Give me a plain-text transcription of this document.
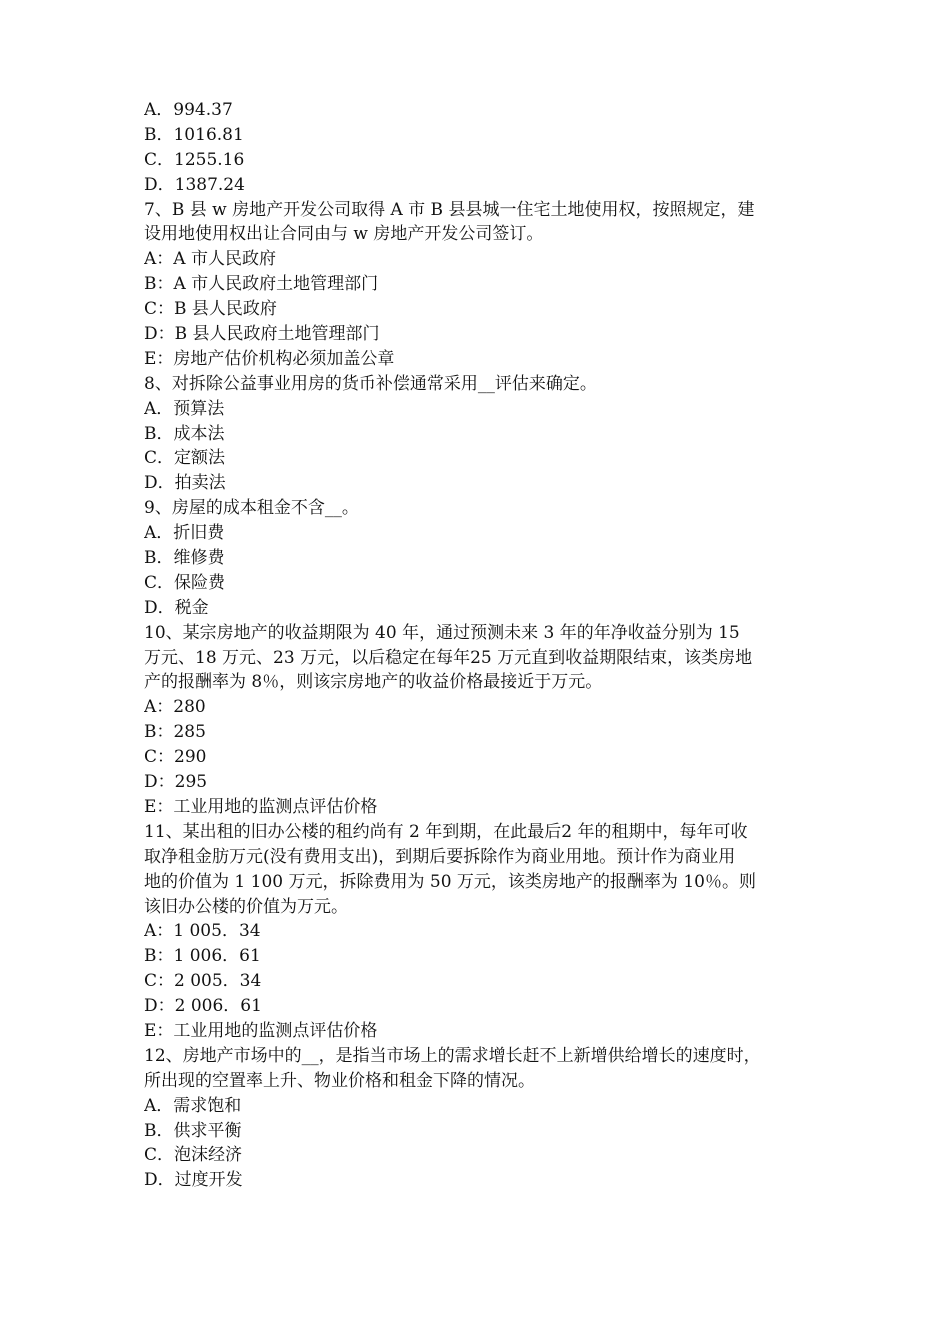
A．994.37
B．1016.81
C．1255.16
D．1387.24
7、B 县 w 房地产开发公司取得 A 市 B 县县城一住宅土地使用权，按照规定，建
设用地使用权出让合同由与 w 房地产开发公司签订。
A：A 市人民政府
B：A 市人民政府土地管理部门
C：B 县人民政府
D：B 县人民政府土地管理部门
E：房地产估价机构必须加盖公章
8、对拆除公益事业用房的货币补偿通常采用__评估来确定。
A．预算法
B．成本法
C．定额法
D．拍卖法
9、房屋的成本租金不含__。
A．折旧费
B．维修费
C．保险费
D．税金
10、某宗房地产的收益期限为 40 年，通过预测未来 3 年的年净收益分别为 15
万元、18 万元、23 万元，以后稳定在每年25 万元直到收益期限结束，该类房地
产的报酬率为 8％，则该宗房地产的收益价格最接近于万元。
A：280
B：285
C：290
D：295
E：工业用地的监测点评估价格
11、某出租的旧办公楼的租约尚有 2 年到期，在此最后2 年的租期中，每年可收
取净租金肪万元(没有费用支出)，到期后要拆除作为商业用地。预计作为商业用
地的价值为 1 100 万元，拆除费用为 50 万元，该类房地产的报酬率为 10％。则
该旧办公楼的价值为万元。
A：1 005．34
B：1 006．61
C：2 005．34
D：2 006．61
E：工业用地的监测点评估价格
12、房地产市场中的__，是指当市场上的需求增长赶不上新增供给增长的速度时，
所出现的空置率上升、物业价格和租金下降的情况。
A．需求饱和
B．供求平衡
C．泡沫经济
D．过度开发
